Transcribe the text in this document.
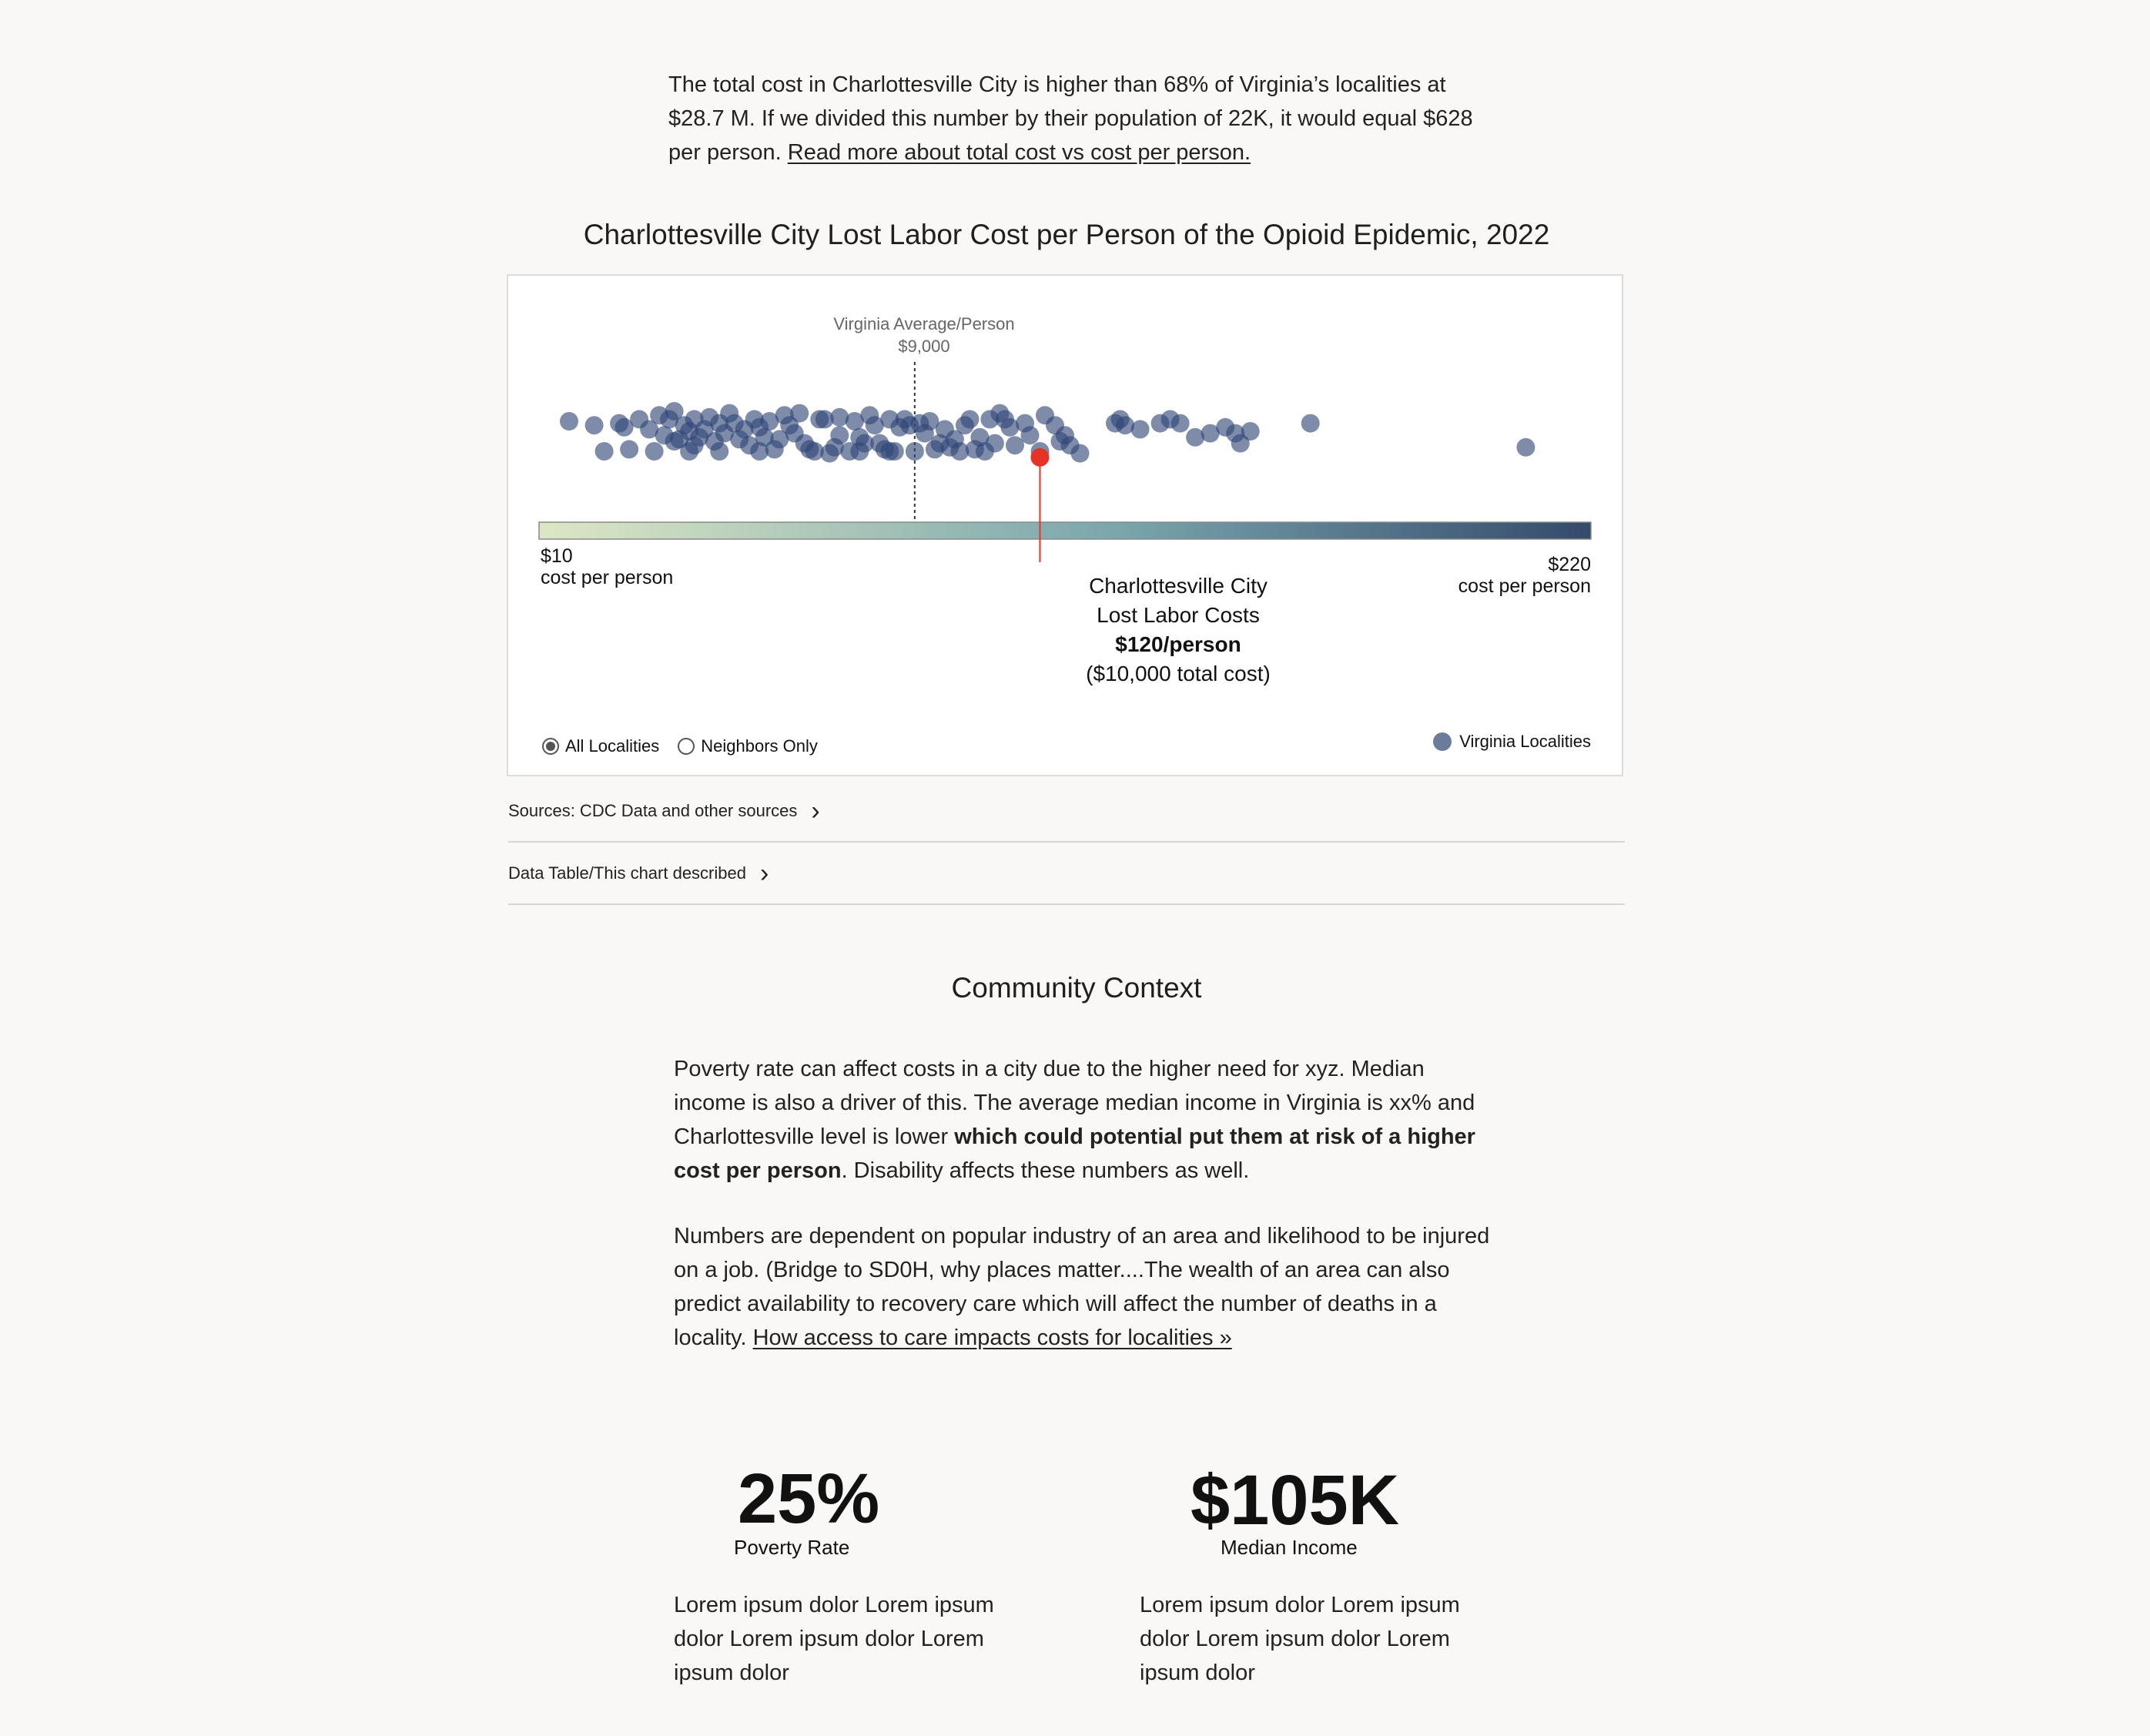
The total cost in Charlottesville City is higher than 68% of Virginia’s localities at $28.7 M. If we divided this number by their population of 22K, it would equal $628 per person. Read more about total cost vs cost per person.

Charlottesville City Lost Labor Cost per Person of the Opioid Epidemic, 2022
Virginia Average/Person
$9,000
$10
cost per person
$220
cost per person
Charlottesville City
Lost Labor Costs
$120/person
($10,000 total cost)
All Localities Neighbors Only	Virginia Localities
Sources: CDC Data and other sources ›
Data Table/This chart described ›
Community Context

Poverty rate can affect costs in a city due to the higher need for xyz. Median income is also a driver of this. The average median income in Virginia is xx% and Charlottesville level is lower which could potential put them at risk of a higher cost per person. Disability affects these numbers as well.

Numbers are dependent on popular industry of an area and likelihood to be injured on a job. (Bridge to SD0H, why places matter....The wealth of an area can also predict availability to recovery care which will affect the number of deaths in a locality. How access to care impacts costs for localities »

25%
Poverty Rate
Lorem ipsum dolor Lorem ipsum dolor Lorem ipsum dolor Lorem ipsum dolor
$105K
Median Income
Lorem ipsum dolor Lorem ipsum dolor Lorem ipsum dolor Lorem ipsum dolor
